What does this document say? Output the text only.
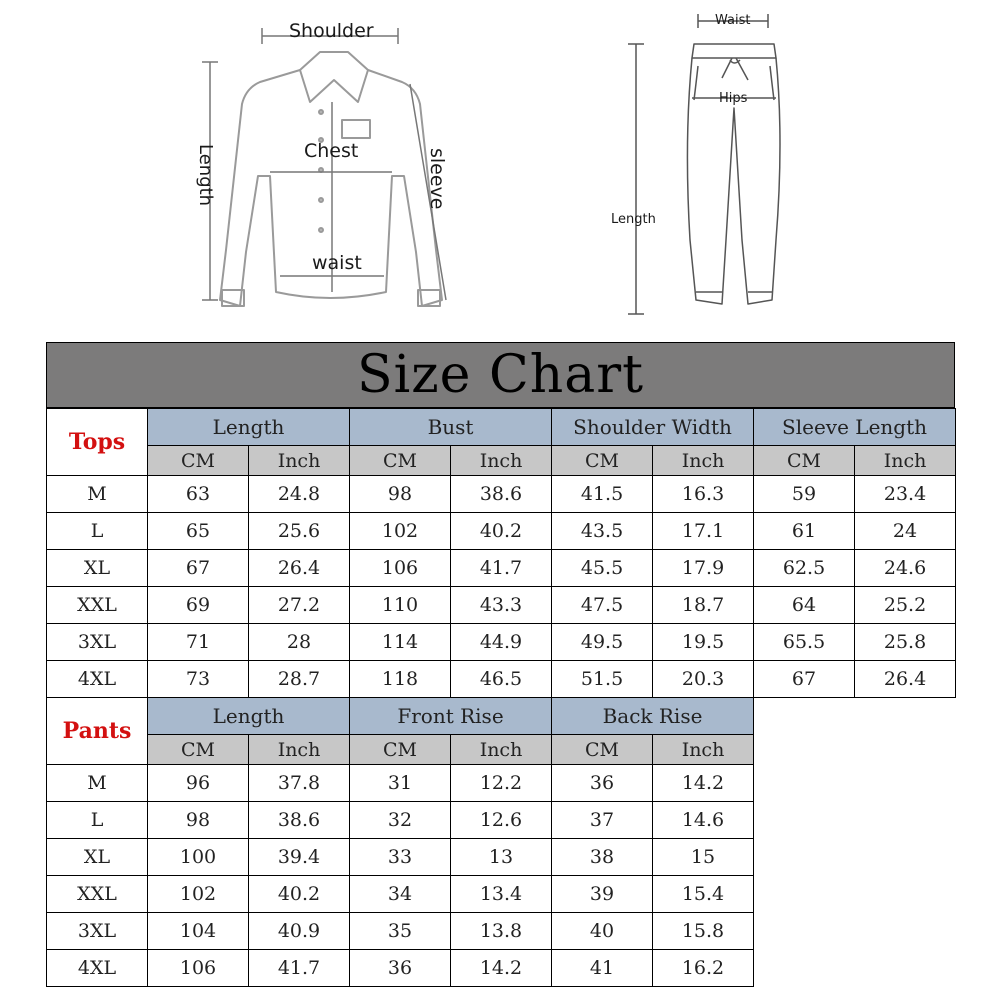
Shoulder
Chest
Length	sleeve
waist
Waist
Hips
Length
Size Chart
Tops	Length		Bust		Shoulder Width		Sleeve Length	
	CM	Inch	CM	Inch	CM	Inch	CM	Inch
M	63	24.8	98	38.6	41.5	16.3	59	23.4
L	65	25.6	102	40.2	43.5	17.1	61	24
XL	67	26.4	106	41.7	45.5	17.9	62.5	24.6
XXL	69	27.2	110	43.3	47.5	18.7	64	25.2
3XL	71	28	114	44.9	49.5	19.5	65.5	25.8
4XL	73	28.7	118	46.5	51.5	20.3	67	26.4
Pants	Length		Front Rise		Back Rise		
	CM	Inch	CM	Inch	CM	Inch	
M	96	37.8	31	12.2	36	14.2	
L	98	38.6	32	12.6	37	14.6	
XL	100	39.4	33	13	38	15	
XXL	102	40.2	34	13.4	39	15.4	
3XL	104	40.9	35	13.8	40	15.8	
4XL	106	41.7	36	14.2	41	16.2	
